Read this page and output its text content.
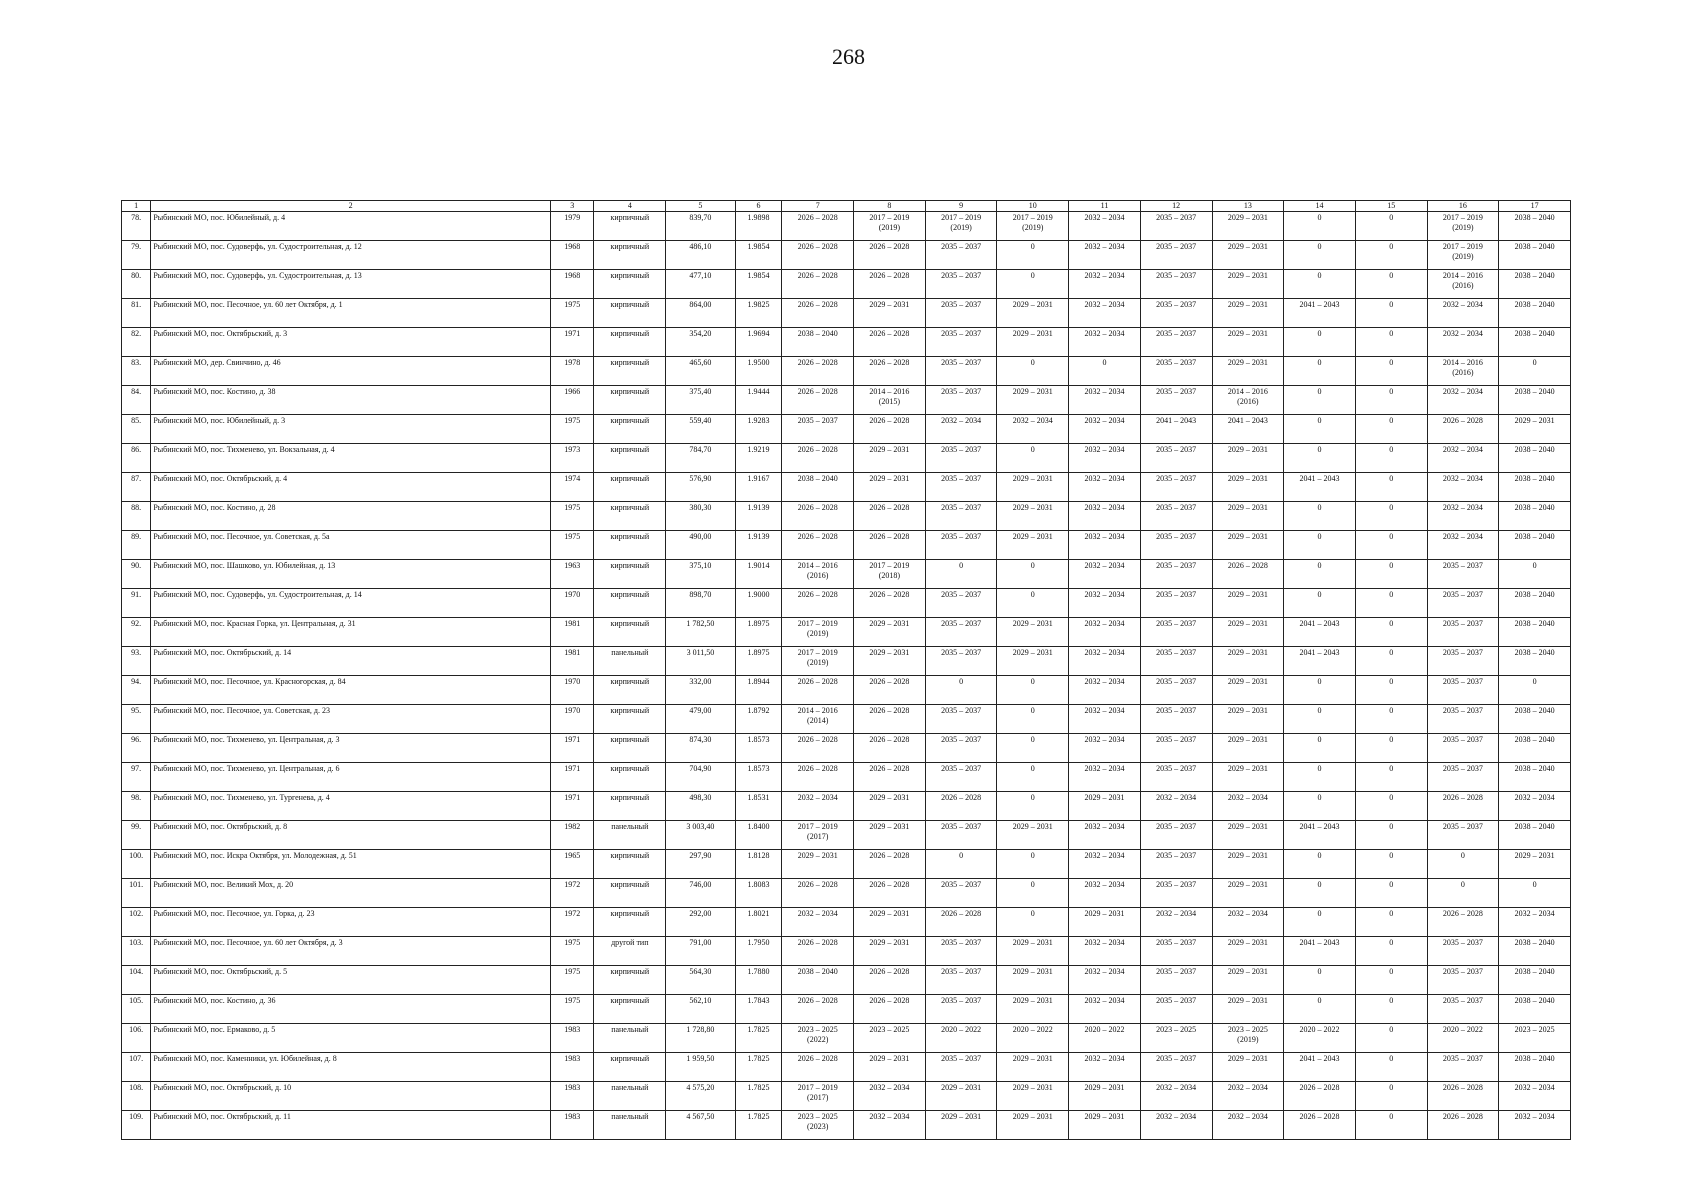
268
1	2	3	4	5	6	7	8	9	10	11	12	13	14	15	16	17
78.	Рыбинский МО, пос. Юбилейный, д. 4	1979	кирпичный	839,70	1.9898	2026 – 2028	2017 – 2019
(2019)	2017 – 2019
(2019)	2017 – 2019
(2019)	2032 – 2034	2035 – 2037	2029 – 2031	0	0	2017 – 2019
(2019)	2038 – 2040

79.	Рыбинский МО, пос. Судоверфь, ул. Судостроительная, д. 12	1968	кирпичный	486,10	1.9854	2026 – 2028	2026 – 2028	2035 – 2037	0	2032 – 2034	2035 – 2037	2029 – 2031	0	0	2017 – 2019
(2019)	2038 – 2040

80.	Рыбинский МО, пос. Судоверфь, ул. Судостроительная, д. 13	1968	кирпичный	477,10	1.9854	2026 – 2028	2026 – 2028	2035 – 2037	0	2032 – 2034	2035 – 2037	2029 – 2031	0	0	2014 – 2016
(2016)	2038 – 2040

81.	Рыбинский МО, пос. Песочное, ул. 60 лет Октября, д. 1	1975	кирпичный	864,00	1.9825	2026 – 2028	2029 – 2031	2035 – 2037	2029 – 2031	2032 – 2034	2035 – 2037	2029 – 2031	2041 – 2043	0	2032 – 2034	2038 – 2040

82.	Рыбинский МО, пос. Октябрьский, д. 3	1971	кирпичный	354,20	1.9694	2038 – 2040	2026 – 2028	2035 – 2037	2029 – 2031	2032 – 2034	2035 – 2037	2029 – 2031	0	0	2032 – 2034	2038 – 2040

83.	Рыбинский МО, дер. Свинчино, д. 46	1978	кирпичный	465,60	1.9500	2026 – 2028	2026 – 2028	2035 – 2037	0	0	2035 – 2037	2029 – 2031	0	0	2014 – 2016
(2016)	0

84.	Рыбинский МО, пос. Костино, д. 38	1966	кирпичный	375,40	1.9444	2026 – 2028	2014 – 2016
(2015)	2035 – 2037	2029 – 2031	2032 – 2034	2035 – 2037	2014 – 2016
(2016)	0	0	2032 – 2034	2038 – 2040

85.	Рыбинский МО, пос. Юбилейный, д. 3	1975	кирпичный	559,40	1.9283	2035 – 2037	2026 – 2028	2032 – 2034	2032 – 2034	2032 – 2034	2041 – 2043	2041 – 2043	0	0	2026 – 2028	2029 – 2031

86.	Рыбинский МО, пос. Тихменево, ул. Вокзальная, д. 4	1973	кирпичный	784,70	1.9219	2026 – 2028	2029 – 2031	2035 – 2037	0	2032 – 2034	2035 – 2037	2029 – 2031	0	0	2032 – 2034	2038 – 2040

87.	Рыбинский МО, пос. Октябрьский, д. 4	1974	кирпичный	576,90	1.9167	2038 – 2040	2029 – 2031	2035 – 2037	2029 – 2031	2032 – 2034	2035 – 2037	2029 – 2031	2041 – 2043	0	2032 – 2034	2038 – 2040

88.	Рыбинский МО, пос. Костино, д. 28	1975	кирпичный	380,30	1.9139	2026 – 2028	2026 – 2028	2035 – 2037	2029 – 2031	2032 – 2034	2035 – 2037	2029 – 2031	0	0	2032 – 2034	2038 – 2040

89.	Рыбинский МО, пос. Песочное, ул. Советская, д. 5а	1975	кирпичный	490,00	1.9139	2026 – 2028	2026 – 2028	2035 – 2037	2029 – 2031	2032 – 2034	2035 – 2037	2029 – 2031	0	0	2032 – 2034	2038 – 2040

90.	Рыбинский МО, пос. Шашково, ул. Юбилейная, д. 13	1963	кирпичный	375,10	1.9014	2014 – 2016
(2016)	2017 – 2019
(2018)	0	0	2032 – 2034	2035 – 2037	2026 – 2028	0	0	2035 – 2037	0

91.	Рыбинский МО, пос. Судоверфь, ул. Судостроительная, д. 14	1970	кирпичный	898,70	1.9000	2026 – 2028	2026 – 2028	2035 – 2037	0	2032 – 2034	2035 – 2037	2029 – 2031	0	0	2035 – 2037	2038 – 2040

92.	Рыбинский МО, пос. Красная Горка, ул. Центральная, д. 31	1981	кирпичный	1 782,50	1.8975	2017 – 2019
(2019)	2029 – 2031	2035 – 2037	2029 – 2031	2032 – 2034	2035 – 2037	2029 – 2031	2041 – 2043	0	2035 – 2037	2038 – 2040

93.	Рыбинский МО, пос. Октябрьский, д. 14	1981	панельный	3 011,50	1.8975	2017 – 2019
(2019)	2029 – 2031	2035 – 2037	2029 – 2031	2032 – 2034	2035 – 2037	2029 – 2031	2041 – 2043	0	2035 – 2037	2038 – 2040

94.	Рыбинский МО, пос. Песочное, ул. Красногорская, д. 84	1970	кирпичный	332,00	1.8944	2026 – 2028	2026 – 2028	0	0	2032 – 2034	2035 – 2037	2029 – 2031	0	0	2035 – 2037	0

95.	Рыбинский МО, пос. Песочное, ул. Советская, д. 23	1970	кирпичный	479,00	1.8792	2014 – 2016
(2014)	2026 – 2028	2035 – 2037	0	2032 – 2034	2035 – 2037	2029 – 2031	0	0	2035 – 2037	2038 – 2040

96.	Рыбинский МО, пос. Тихменево, ул. Центральная, д. 3	1971	кирпичный	874,30	1.8573	2026 – 2028	2026 – 2028	2035 – 2037	0	2032 – 2034	2035 – 2037	2029 – 2031	0	0	2035 – 2037	2038 – 2040

97.	Рыбинский МО, пос. Тихменево, ул. Центральная, д. 6	1971	кирпичный	704,90	1.8573	2026 – 2028	2026 – 2028	2035 – 2037	0	2032 – 2034	2035 – 2037	2029 – 2031	0	0	2035 – 2037	2038 – 2040

98.	Рыбинский МО, пос. Тихменево, ул. Тургенева, д. 4	1971	кирпичный	498,30	1.8531	2032 – 2034	2029 – 2031	2026 – 2028	0	2029 – 2031	2032 – 2034	2032 – 2034	0	0	2026 – 2028	2032 – 2034

99.	Рыбинский МО, пос. Октябрьский, д. 8	1982	панельный	3 003,40	1.8400	2017 – 2019
(2017)	2029 – 2031	2035 – 2037	2029 – 2031	2032 – 2034	2035 – 2037	2029 – 2031	2041 – 2043	0	2035 – 2037	2038 – 2040

100.	Рыбинский МО, пос. Искра Октября, ул. Молодежная, д. 51	1965	кирпичный	297,90	1.8128	2029 – 2031	2026 – 2028	0	0	2032 – 2034	2035 – 2037	2029 – 2031	0	0	0	2029 – 2031

101.	Рыбинский МО, пос. Великий Мох, д. 20	1972	кирпичный	746,00	1.8083	2026 – 2028	2026 – 2028	2035 – 2037	0	2032 – 2034	2035 – 2037	2029 – 2031	0	0	0	0

102.	Рыбинский МО, пос. Песочное, ул. Горка, д. 23	1972	кирпичный	292,00	1.8021	2032 – 2034	2029 – 2031	2026 – 2028	0	2029 – 2031	2032 – 2034	2032 – 2034	0	0	2026 – 2028	2032 – 2034

103.	Рыбинский МО, пос. Песочное, ул. 60 лет Октября, д. 3	1975	другой тип	791,00	1.7950	2026 – 2028	2029 – 2031	2035 – 2037	2029 – 2031	2032 – 2034	2035 – 2037	2029 – 2031	2041 – 2043	0	2035 – 2037	2038 – 2040

104.	Рыбинский МО, пос. Октябрьский, д. 5	1975	кирпичный	564,30	1.7880	2038 – 2040	2026 – 2028	2035 – 2037	2029 – 2031	2032 – 2034	2035 – 2037	2029 – 2031	0	0	2035 – 2037	2038 – 2040

105.	Рыбинский МО, пос. Костино, д. 36	1975	кирпичный	562,10	1.7843	2026 – 2028	2026 – 2028	2035 – 2037	2029 – 2031	2032 – 2034	2035 – 2037	2029 – 2031	0	0	2035 – 2037	2038 – 2040

106.	Рыбинский МО, пос. Ермаково, д. 5	1983	панельный	1 728,80	1.7825	2023 – 2025
(2022)	2023 – 2025	2020 – 2022	2020 – 2022	2020 – 2022	2023 – 2025	2023 – 2025
(2019)	2020 – 2022	0	2020 – 2022	2023 – 2025

107.	Рыбинский МО, пос. Каменники, ул. Юбилейная, д. 8	1983	кирпичный	1 959,50	1.7825	2026 – 2028	2029 – 2031	2035 – 2037	2029 – 2031	2032 – 2034	2035 – 2037	2029 – 2031	2041 – 2043	0	2035 – 2037	2038 – 2040

108.	Рыбинский МО, пос. Октябрьский, д. 10	1983	панельный	4 575,20	1.7825	2017 – 2019
(2017)	2032 – 2034	2029 – 2031	2029 – 2031	2029 – 2031	2032 – 2034	2032 – 2034	2026 – 2028	0	2026 – 2028	2032 – 2034

109.	Рыбинский МО, пос. Октябрьский, д. 11	1983	панельный	4 567,50	1.7825	2023 – 2025
(2023)	2032 – 2034	2029 – 2031	2029 – 2031	2029 – 2031	2032 – 2034	2032 – 2034	2026 – 2028	0	2026 – 2028	2032 – 2034
